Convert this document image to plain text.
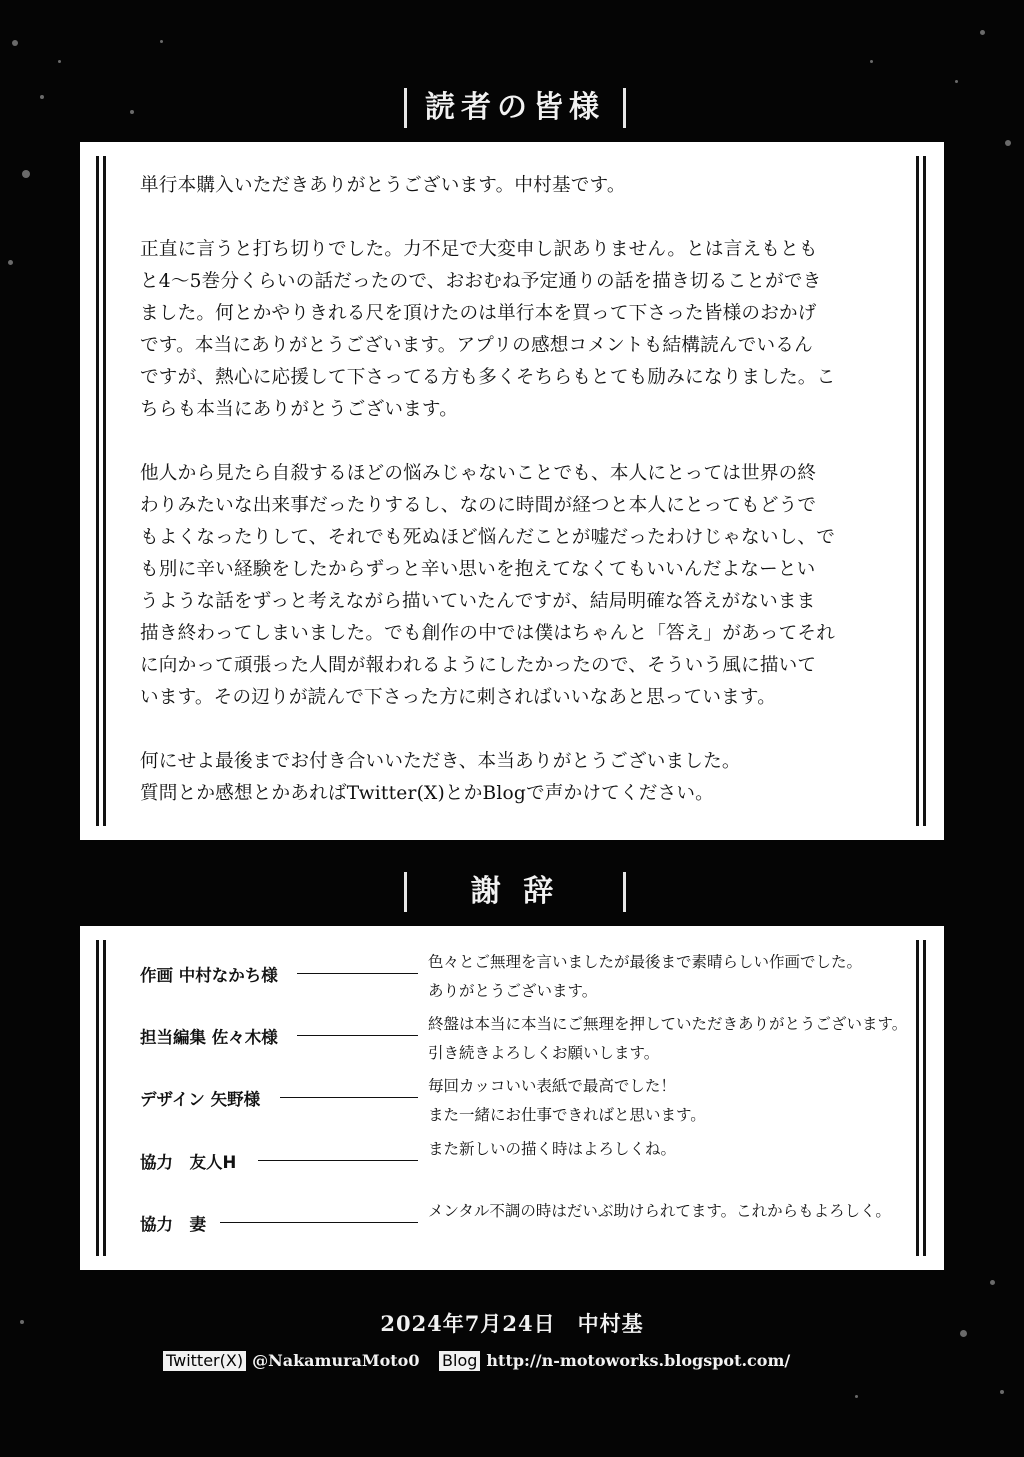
読者の皆様

単行本購入いただきありがとうございます。中村基です。

正直に言うと打ち切りでした。力不足で大変申し訳ありません。とは言えもとも
と4〜5巻分くらいの話だったので、おおむね予定通りの話を描き切ることができ
ました。何とかやりきれる尺を頂けたのは単行本を買って下さった皆様のおかげ
です。本当にありがとうございます。アプリの感想コメントも結構読んでいるん
ですが、熱心に応援して下さってる方も多くそちらもとても励みになりました。こ
ちらも本当にありがとうございます。

他人から見たら自殺するほどの悩みじゃないことでも、本人にとっては世界の終
わりみたいな出来事だったりするし、なのに時間が経つと本人にとってもどうで
もよくなったりして、それでも死ぬほど悩んだことが嘘だったわけじゃないし、で
も別に辛い経験をしたからずっと辛い思いを抱えてなくてもいいんだよなーとい
うような話をずっと考えながら描いていたんですが、結局明確な答えがないまま
描き終わってしまいました。でも創作の中では僕はちゃんと「答え」があってそれ
に向かって頑張った人間が報われるようにしたかったので、そういう風に描いて
います。その辺りが読んで下さった方に刺さればいいなあと思っています。

何にせよ最後までお付き合いいただき、本当ありがとうございました。
質問とか感想とかあればTwitter(X)とかBlogで声かけてください。

謝 辞
作画 中村なかち様
色々とご無理を言いましたが最後まで素晴らしい作画でした。
ありがとうございます。
担当編集 佐々木様
終盤は本当に本当にご無理を押していただきありがとうございます。
引き続きよろしくお願いします。
デザイン 矢野様
毎回カッコいい表紙で最高でした！
また一緒にお仕事できればと思います。
協力　友人H
また新しいの描く時はよろしくね。
協力　妻
メンタル不調の時はだいぶ助けられてます。これからもよろしく。
2024年7月24日　中村基
Twitter(X) @NakamuraMoto0 Blog http://n-motoworks.blogspot.com/
